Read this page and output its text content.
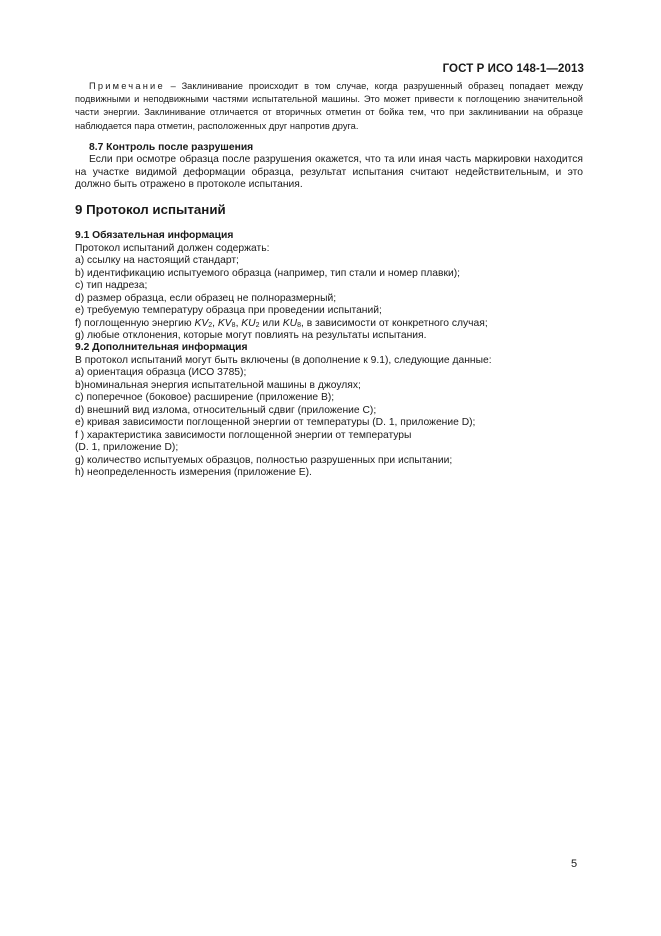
ГОСТ Р ИСО 148-1—2013
Примечание – Заклинивание происходит в том случае, когда разрушенный образец попадает между подвижными и неподвижными частями испытательной машины. Это может привести к поглощению значительной части энергии. Заклинивание отличается от вторичных отметин от бойка тем, что при заклинивании на образце наблюдается пара отметин, расположенных друг напротив друга.
8.7 Контроль после разрушения
Если при осмотре образца после разрушения окажется, что та или иная часть маркировки находится на участке видимой деформации образца, результат испытания считают недействительным, и это должно быть отражено в протоколе испытания.
9 Протокол испытаний
9.1 Обязательная информация
Протокол испытаний должен содержать:
а) ссылку на настоящий стандарт;
b) идентификацию испытуемого образца (например, тип стали и номер плавки);
c) тип надреза;
d) размер образца, если образец не полноразмерный;
e) требуемую температуру образца при проведении испытаний;
f) поглощенную энергию $KV_2$, $KV_8$, $KU_2$ или $KU_8$, в зависимости от конкретного случая;
g) любые отклонения, которые могут повлиять на результаты испытания.
9.2 Дополнительная информация
В протокол испытаний могут быть включены (в дополнение к 9.1), следующие данные:
а) ориентация образца (ИСО 3785);
b)номинальная энергия испытательной машины в джоулях;
c) поперечное (боковое) расширение (приложение B);
d) внешний вид излома, относительный сдвиг (приложение C);
e) кривая зависимости поглощенной энергии от температуры (D. 1, приложение D);
f ) характеристика зависимости поглощенной энергии от температуры
(D. 1, приложение D);
g) количество испытуемых образцов, полностью разрушенных при испытании;
h) неопределенность измерения (приложение E).
5
